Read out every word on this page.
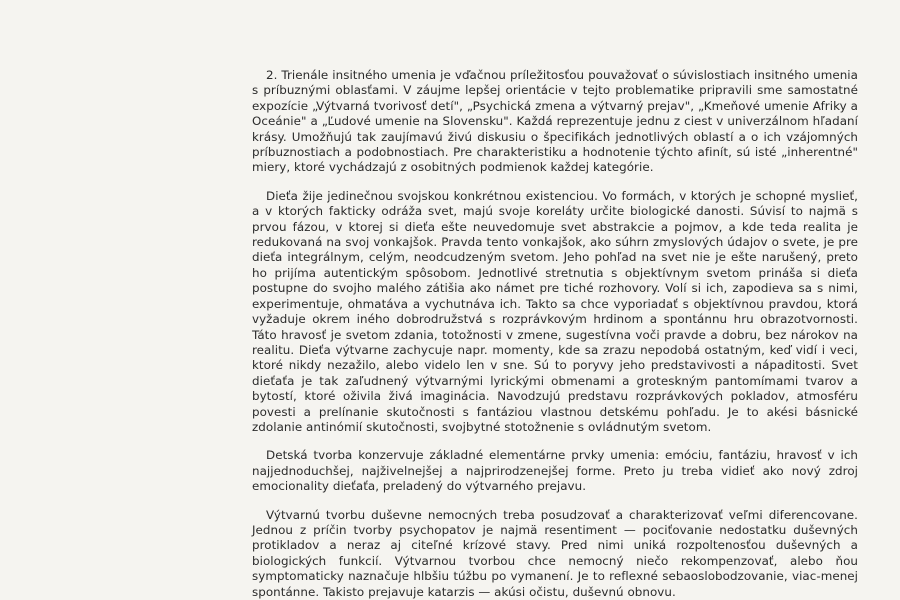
2. Trienále insitného umenia je vďačnou príležitosťou pouvažovať o súvislostiach insitného umenia s príbuznými oblasťami. V záujme lepšej orientácie v tejto problematike pripravili sme samostatné expozície „Výtvarná tvorivosť detí", „Psychická zmena a výtvarný prejav", „Kmeňové umenie Afriky a Oceánie" a „Ľudové umenie na Slovensku". Každá reprezentuje jednu z ciest v univerzálnom hľadaní krásy. Umožňujú tak zaujímavú živú diskusiu o špecifikách jednotlivých oblastí a o ich vzájomných príbuznostiach a podobnostiach. Pre charakteristiku a hodnotenie týchto afinít, sú isté „inherentné" miery, ktoré vychádzajú z osobitných podmienok každej kategórie.

Dieťa žije jedinečnou svojskou konkrétnou existenciou. Vo formách, v ktorých je schopné myslieť, a v ktorých fakticky odráža svet, majú svoje koreláty určite biologické danosti. Súvisí to najmä s prvou fázou, v ktorej si dieťa ešte neuvedomuje svet abstrakcie a pojmov, a kde teda realita je redukovaná na svoj vonkajšok. Pravda tento vonkajšok, ako súhrn zmyslových údajov o svete, je pre dieťa integrálnym, celým, neodcudzeným svetom. Jeho pohľad na svet nie je ešte narušený, preto ho prijíma autentickým spôsobom. Jednotlivé stretnutia s objektívnym svetom prináša si dieťa postupne do svojho malého zátišia ako námet pre tiché rozhovory. Volí si ich, zapodieva sa s nimi, experimentuje, ohmatáva a vychutnáva ich. Takto sa chce vyporiadať s objektívnou pravdou, ktorá vyžaduje okrem iného dobrodružstvá s rozprávkovým hrdinom a spontánnu hru obrazotvornosti. Táto hravosť je svetom zdania, totožnosti v zmene, sugestívna voči pravde a dobru, bez nárokov na realitu. Dieťa výtvarne zachycuje napr. momenty, kde sa zrazu nepodobá ostatným, keď vidí i veci, ktoré nikdy nezažilo, alebo videlo len v sne. Sú to poryvy jeho predstavivosti a nápaditosti. Svet dieťaťa je tak zaľudnený výtvarnými lyrickými obmenami a groteskným pantomímami tvarov a bytostí, ktoré oživila živá imaginácia. Navodzujú predstavu rozprávkových pokladov, atmosféru povesti a prelínanie skutočnosti s fantáziou vlastnou detskému pohľadu. Je to akési básnické zdolanie antinómií skutočnosti, svojbytné stotožnenie s ovládnutým svetom.

Detská tvorba konzervuje základné elementárne prvky umenia: emóciu, fantáziu, hravosť v ich najjednoduchšej, najživelnejšej a najprirodzenejšej forme. Preto ju treba vidieť ako nový zdroj emocionality dieťaťa, preladený do výtvarného prejavu.

Výtvarnú tvorbu duševne nemocných treba posudzovať a charakterizovať veľmi diferencovane. Jednou z príčin tvorby psychopatov je najmä resentiment — pociťovanie nedostatku duševných protikladov a neraz aj citeľné krízové stavy. Pred nimi uniká rozpoltenosťou duševných a biologických funkcií. Výtvarnou tvorbou chce nemocný niečo rekompenzovať, alebo ňou symptomaticky naznačuje hlbšiu túžbu po vymanení. Je to reflexné sebaoslobodzovanie, viac-menej spontánne. Takisto prejavuje katarzis — akúsi očistu, duševnú obnovu.
